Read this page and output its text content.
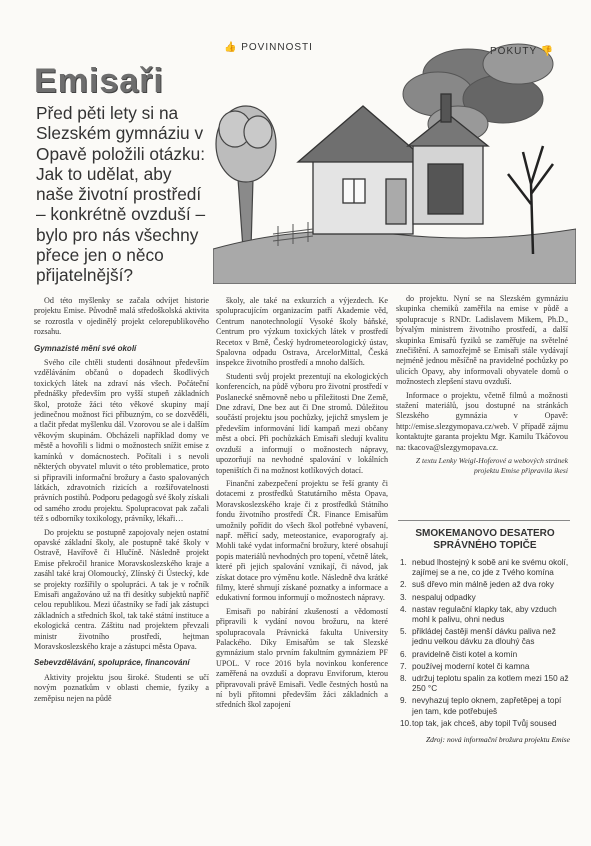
👍 POVINNOSTI	POKUTY 👎
Emisaři
Před pěti lety si na Slezském gymnáziu v Opavě položili otázku: Jak to udělat, aby naše životní prostředí – konkrétně ovzduší – bylo pro nás všechny přece jen o něco přijatelnější?

Od této myšlenky se začala odvíjet historie projektu Emise. Původně malá středoškolská aktivita se rozrostla v ojedinělý projekt celorepublikového rozsahu.

Gymnazisté mění své okolí

Svého cíle chtěli studenti dosáhnout především vzděláváním občanů o dopadech škodlivých toxických látek na zdraví nás všech. Počáteční přednášky především pro vyšší stupeň základních škol, protože žáci této věkové skupiny mají jedinečnou možnost říci příbuzným, co se dozvěděli, a tlačit předat myšlenku dál. Vzorovou se ale i dalším věkovým skupinám. Obcházeli například domy ve městě a hovořili s lidmi o možnostech snížit emise z kamínků v domácnostech. Počítali i s nevoli některých obyvatel mluvit o této problematice, proto si připravili informační brožury a často spalovaných látkách, zdravotních rizicích a rozšiřovatelnosti právních postihů. Podporu pedagogů své školy získali od samého zrodu projektu. Spolupracovat pak začali též s odborníky toxikology, právníky, lékaři…

Do projektu se postupně zapojovaly nejen ostatní opavské základní školy, ale postupně také školy v Ostravě, Havířově či Hlučíně. Následně projekt Emise překročil hranice Moravskoslezského kraje a zasáhl také kraj Olomoucký, Zlínský či Ústecký, kde se projekty rozšířily o spolupráci. A tak je v ročník Emisaři angažováno už na tři desítky subjektů napříč celou republikou. Mezi účastníky se řadí jak zástupci základních a středních škol, tak také státní instituce a ekologická centra. Záštitu nad projektem převzali ministr životního prostředí, hejtman Moravskoslezského kraje a zástupci města Opava.

Sebevzdělávání, spolupráce, financování

Aktivity projektu jsou široké. Studenti se učí novým poznatkům v oblasti chemie, fyziky a zeměpisu nejen na půdě

školy, ale také na exkurzích a výjezdech. Ke spolupracujícím organizacím patří Akademie věd, Centrum nanotechnologií Vysoké školy báňské, Centrum pro výzkum toxických látek v prostředí Recetox v Brně, Český hydrometeorologický ústav, Spalovna odpadu Ostrava, ArcelorMittal, Česká inspekce životního prostředí a mnoho dalších.

Studenti svůj projekt prezentují na ekologických konferencích, na půdě výboru pro životní prostředí v Poslanecké sněmovně nebo u příležitosti Dne Země, Dne zdraví, Dne bez aut či Dne stromů. Důležitou součástí projektu jsou pochůzky, jejichž smyslem je především informování lidí kampaň mezi občany měst a obcí. Při pochůzkách Emisaři sledují kvalitu ovzduší a informují o možnostech nápravy, upozorňují na nevhodné spalování v lokálních topeništích či na možnost kotlíkových dotací.

Finanční zabezpečení projektu se řeší granty či dotacemi z prostředků Statutárního města Opava, Moravskoslezského kraje či z prostředků Státního fondu životního prostředí ČR. Finance Emisařům umožnily pořídit do všech škol potřebné vybavení, např. měřicí sady, meteostanice, evaporografy aj. Mohli také vydat informační brožury, které obsahují popis materiálů nevhodných pro topení, včetně látek, které při jejich spalování vznikají, či návod, jak získat dotace pro výměnu kotle. Následně dva krátké filmy, které shrnují získané poznatky a informace a edukativní formou informují o možnostech nápravy.

Emisaři po nabírání zkušeností a vědomostí připravili k vydání novou brožuru, na které spolupracovala Právnická fakulta University Palackého. Díky Emisařům se tak Slezské gymnázium stalo prvním fakultním gymnáziem PF UPOL. V roce 2016 byla novinkou konference zaměřená na ovzduší a dopravu Enviforum, kterou připravovali právě Emisaři. Vedle čestných hostů na ní byli přítomni především žáci základních a středních škol zapojení

do projektu. Nyní se na Slezském gymnáziu skupinka chemiků zaměřila na emise v půdě a spolupracuje s RNDr. Ladislavem Mikem, Ph.D., bývalým ministrem životního prostředí, a další skupinka Emisařů fyziků se zaměřuje na světelné znečištění. A samozřejmě se Emisaři stále vydávají nejméně jednou měsíčně na pravidelné pochůzky po ulicích Opavy, aby informovali obyvatele domů o možnostech zlepšení stavu ovzduší.

Informace o projektu, včetně filmů a možnosti stažení materiálů, jsou dostupné na stránkách Slezského gymnázia v Opavě: http://emise.slezgymopava.cz/web. V případě zájmu kontaktujte garanta projektu Mgr. Kamilu Tkáčovou na: tkacova@slezgymopava.cz.

Z textu Lenky Weigl-Hoferové a webových stránek projektu Emise připravila ikesi

SMOKEMANOVO DESATERO SPRÁVNÉHO TOPIČE
1. nebud lhostejný k sobě ani ke svému okolí, zajímej se a ne, co jde z Tvého komína
2. suš dřevo min málně jeden až dva roky
3. nespaluj odpadky
4. nastav regulační klapky tak, aby vzduch mohl k palivu, ohni nedus
5. přikládej častěji menší dávku paliva než jednu velkou dávku za dlouhý čas
6. pravidelně čisti kotel a komín
7. používej moderní kotel či kamna
8. udržuj teplotu spalin za kotlem mezi 150 až 250 °C
9. nevyhazuj teplo oknem, zapřetěpej a topí jen tam, kde potřebuješ
10. top tak, jak chceš, aby topil Tvůj soused
Zdroj: nová informační brožura projektu Emise
